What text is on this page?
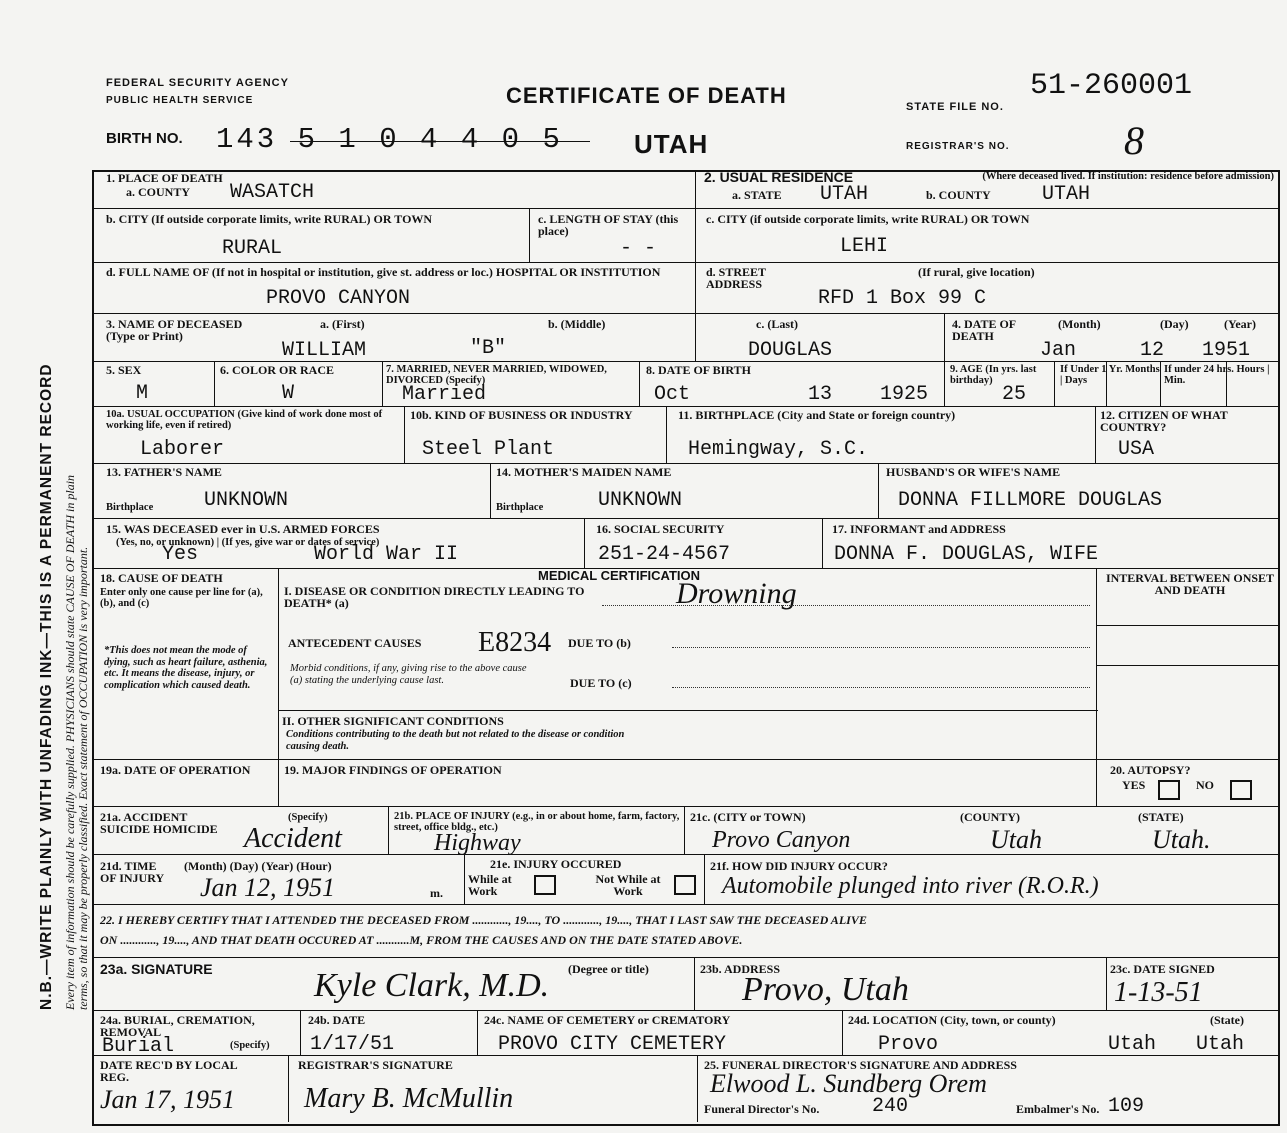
N.B.—WRITE PLAINLY WITH UNFADING INK—THIS IS A PERMANENT RECORD Every item of information should be carefully supplied. PHYSICIANS should state CAUSE OF DEATH in plain terms, so that it may be properly classified. Exact statement of OCCUPATION is very important.
FEDERAL SECURITY AGENCY
PUBLIC HEALTH SERVICE	CERTIFICATE OF DEATH	STATE FILE NO.
51-260001
BIRTH NO. 143 5 1 0 4 4 0 5	UTAH	REGISTRAR'S NO.	8
1. PLACE OF DEATH
a. COUNTY WASATCH
2. USUAL RESIDENCE	(Where deceased lived. If institution: residence before admission)
a. STATE UTAH	b. COUNTY	UTAH
b. CITY (If outside corporate limits, write RURAL) OR TOWN
RURAL
c. LENGTH OF STAY (this place)
- -
c. CITY (if outside corporate limits, write RURAL) OR TOWN
LEHI
d. FULL NAME OF (If not in hospital or institution, give st. address or loc.) HOSPITAL OR INSTITUTION
PROVO CANYON
d. STREET ADDRESS
(If rural, give location)
RFD 1 Box 99 C
3. NAME OF DECEASED (Type or Print)
a. (First)	b. (Middle)	c. (Last)
WILLIAM	"B"	DOUGLAS
4. DATE OF DEATH
(Month)	(Day)	(Year)
Jan	12 1951
5. SEX
M
6. COLOR OR RACE
W
7. MARRIED, NEVER MARRIED, WIDOWED, DIVORCED (Specify)
Married
8. DATE OF BIRTH
Oct	13 1925
9. AGE (In yrs. last birthday)
25
If Under 1 Yr. Months | Days
If under 24 hrs. Hours | Min.
10a. USUAL OCCUPATION (Give kind of work done most of working life, even if retired)
Laborer
10b. KIND OF BUSINESS OR INDUSTRY
Steel Plant
11. BIRTHPLACE (City and State or foreign country)
Hemingway, S.C.
12. CITIZEN OF WHAT COUNTRY?
USA
13. FATHER'S NAME
Birthplace	UNKNOWN
14. MOTHER'S MAIDEN NAME
Birthplace	UNKNOWN
HUSBAND'S OR WIFE'S NAME
DONNA FILLMORE DOUGLAS
15. WAS DECEASED ever in U.S. ARMED FORCES
(Yes, no, or unknown) | (If yes, give war or dates of service)
Yes	World War II
16. SOCIAL SECURITY
251-24-4567
17. INFORMANT and ADDRESS
DONNA F. DOUGLAS, WIFE
18. CAUSE OF DEATH
Enter only one cause per line for (a), (b), and (c)
*This does not mean the mode of dying, such as heart failure, asthenia, etc. It means the disease, injury, or complication which caused death.
MEDICAL CERTIFICATION	INTERVAL BETWEEN ONSET AND DEATH
I. DISEASE OR CONDITION DIRECTLY LEADING TO DEATH* (a)	Drowning
ANTECEDENT CAUSES E8234 DUE TO (b)
Morbid conditions, if any, giving rise to the above cause (a) stating the underlying cause last.	DUE TO (c)
II. OTHER SIGNIFICANT CONDITIONS
Conditions contributing to the death but not related to the disease or condition causing death.
19a. DATE OF OPERATION	19. MAJOR FINDINGS OF OPERATION	20. AUTOPSY?
YES	NO
21a. ACCIDENT SUICIDE HOMICIDE
(Specify)
Accident
21b. PLACE OF INJURY (e.g., in or about home, farm, factory, street, office bldg., etc.)
Highway
21c. (CITY or TOWN)
Provo Canyon
(COUNTY)
Utah
(STATE)
Utah.
21d. TIME OF INJURY
(Month) (Day) (Year) (Hour)
Jan 12, 1951	m.
21e. INJURY OCCURED
While at Work
Not While at Work
21f. HOW DID INJURY OCCUR?
Automobile plunged into river (R.O.R.)
22. I HEREBY CERTIFY THAT I ATTENDED THE DECEASED FROM ............, 19...., TO ............, 19...., THAT I LAST SAW THE DECEASED ALIVE
ON ............, 19...., AND THAT DEATH OCCURED AT ...........M, FROM THE CAUSES AND ON THE DATE STATED ABOVE.
23a. SIGNATURE	(Degree or title)
Kyle Clark, M.D.	23b. ADDRESS
Provo, Utah
23c. DATE SIGNED
1-13-51
24a. BURIAL, CREMATION, REMOVAL
(Specify)
Burial
24b. DATE
1/17/51
24c. NAME OF CEMETERY or CREMATORY
PROVO CITY CEMETERY
24d. LOCATION (City, town, or county)	(State)
Provo	Utah Utah
DATE REC'D BY LOCAL REG.
Jan 17, 1951
REGISTRAR'S SIGNATURE
Mary B. McMullin
25. FUNERAL DIRECTOR'S SIGNATURE AND ADDRESS
Elwood L. Sundberg Orem
Funeral Director's No.	240	Embalmer's No. 109
